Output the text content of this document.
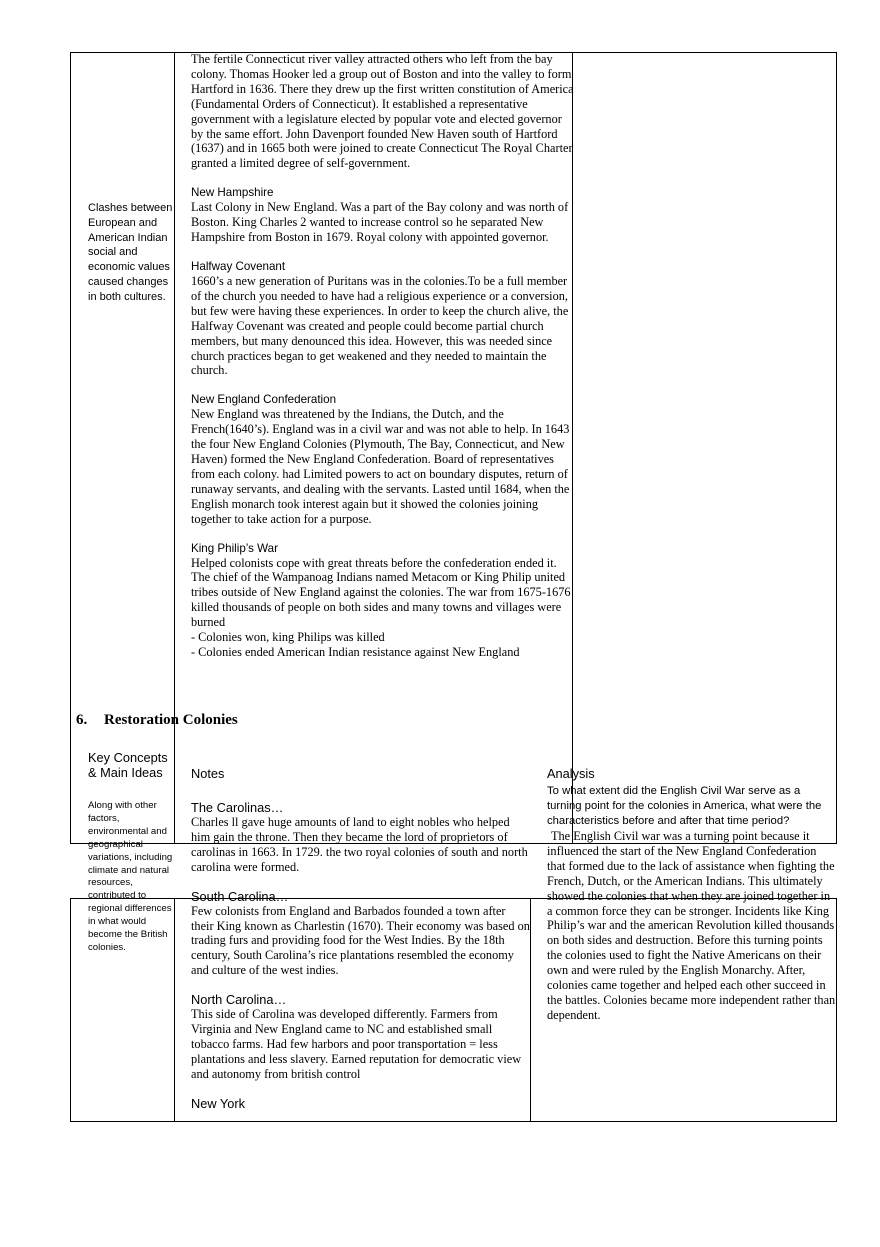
Clashes between European and American Indian social and economic values caused changes in both cultures.
The fertile Connecticut river valley attracted others who left from the bay colony. Thomas Hooker led a group out of Boston and into the valley to form Hartford in 1636. There they drew up the first written constitution of America (Fundamental Orders of Connecticut). It established a representative government with a legislature elected by popular vote and elected governor by the same effort. John Davenport founded New Haven south of Hartford (1637) and in 1665 both were joined to create Connecticut The Royal Charter granted a limited degree of self-government.
New Hampshire
Last Colony in New England. Was a part of the Bay colony and was north of Boston. King Charles 2 wanted to increase control so he separated New Hampshire from Boston in 1679. Royal colony with appointed governor.
Halfway Covenant
1660’s a new generation of Puritans was in the colonies.To be a full member of the church you needed to have had a religious experience or a conversion, but few were having these experiences. In order to keep the church alive, the Halfway Covenant was created and people could become partial church members, but many denounced this idea. However, this was needed since church practices began to get weakened and they needed to maintain the church.
New England Confederation
New England was threatened by the Indians, the Dutch, and the French(1640’s). England was in a civil war and was not able to help. In 1643 the four New England Colonies (Plymouth, The Bay, Connecticut, and New Haven) formed the New England Confederation. Board of representatives from each colony. had Limited powers to act on boundary disputes, return of runaway servants, and dealing with the servants. Lasted until 1684, when the English monarch took interest again but it showed the colonies joining together to take action for a purpose.
King Philip’s War
Helped colonists cope with great threats before the confederation ended it. The chief of the Wampanoag Indians named Metacom or King Philip united tribes outside of New England against the colonies. The war from 1675-1676 killed thousands of people on both sides and many towns and villages were burned
- Colonies won, king Philips was killed
- Colonies ended American Indian resistance against New England
6. Restoration Colonies
Key Concepts & Main Ideas	Notes	Analysis
Along with other factors, environmental and geographical variations, including climate and natural resources, contributed to regional differences in what would become the British colonies.
The Carolinas…
Charles ll gave huge amounts of land to eight nobles who helped him gain the throne. Then they became the lord of proprietors of carolinas in 1663. In 1729. the two royal colonies of south and north carolina were formed.
South Carolina…
Few colonists from England and Barbados founded a town after their King known as Charlestin (1670). Their economy was based on trading furs and providing food for the West Indies. By the 18th century, South Carolina’s rice plantations resembled the economy and culture of the west indies.
North Carolina…
This side of Carolina was developed differently. Farmers from Virginia and New England came to NC and established small tobacco farms. Had few harbors and poor transportation = less plantations and less slavery. Earned reputation for democratic view and autonomy from british control
New York
To what extent did the English Civil War serve as a turning point for the colonies in America, what were the characteristics before and after that time period?
The English Civil war was a turning point because it influenced the start of the New England Confederation that formed due to the lack of assistance when fighting the French, Dutch, or the American Indians. This ultimately showed the colonies that when they are joined together in a common force they can be stronger. Incidents like King Philip’s war and the american Revolution killed thousands on both sides and destruction. Before this turning points the colonies used to fight the Native Americans on their own and were ruled by the English Monarchy. After, colonies came together and helped each other succeed in the battles. Colonies became more independent rather than dependent.
